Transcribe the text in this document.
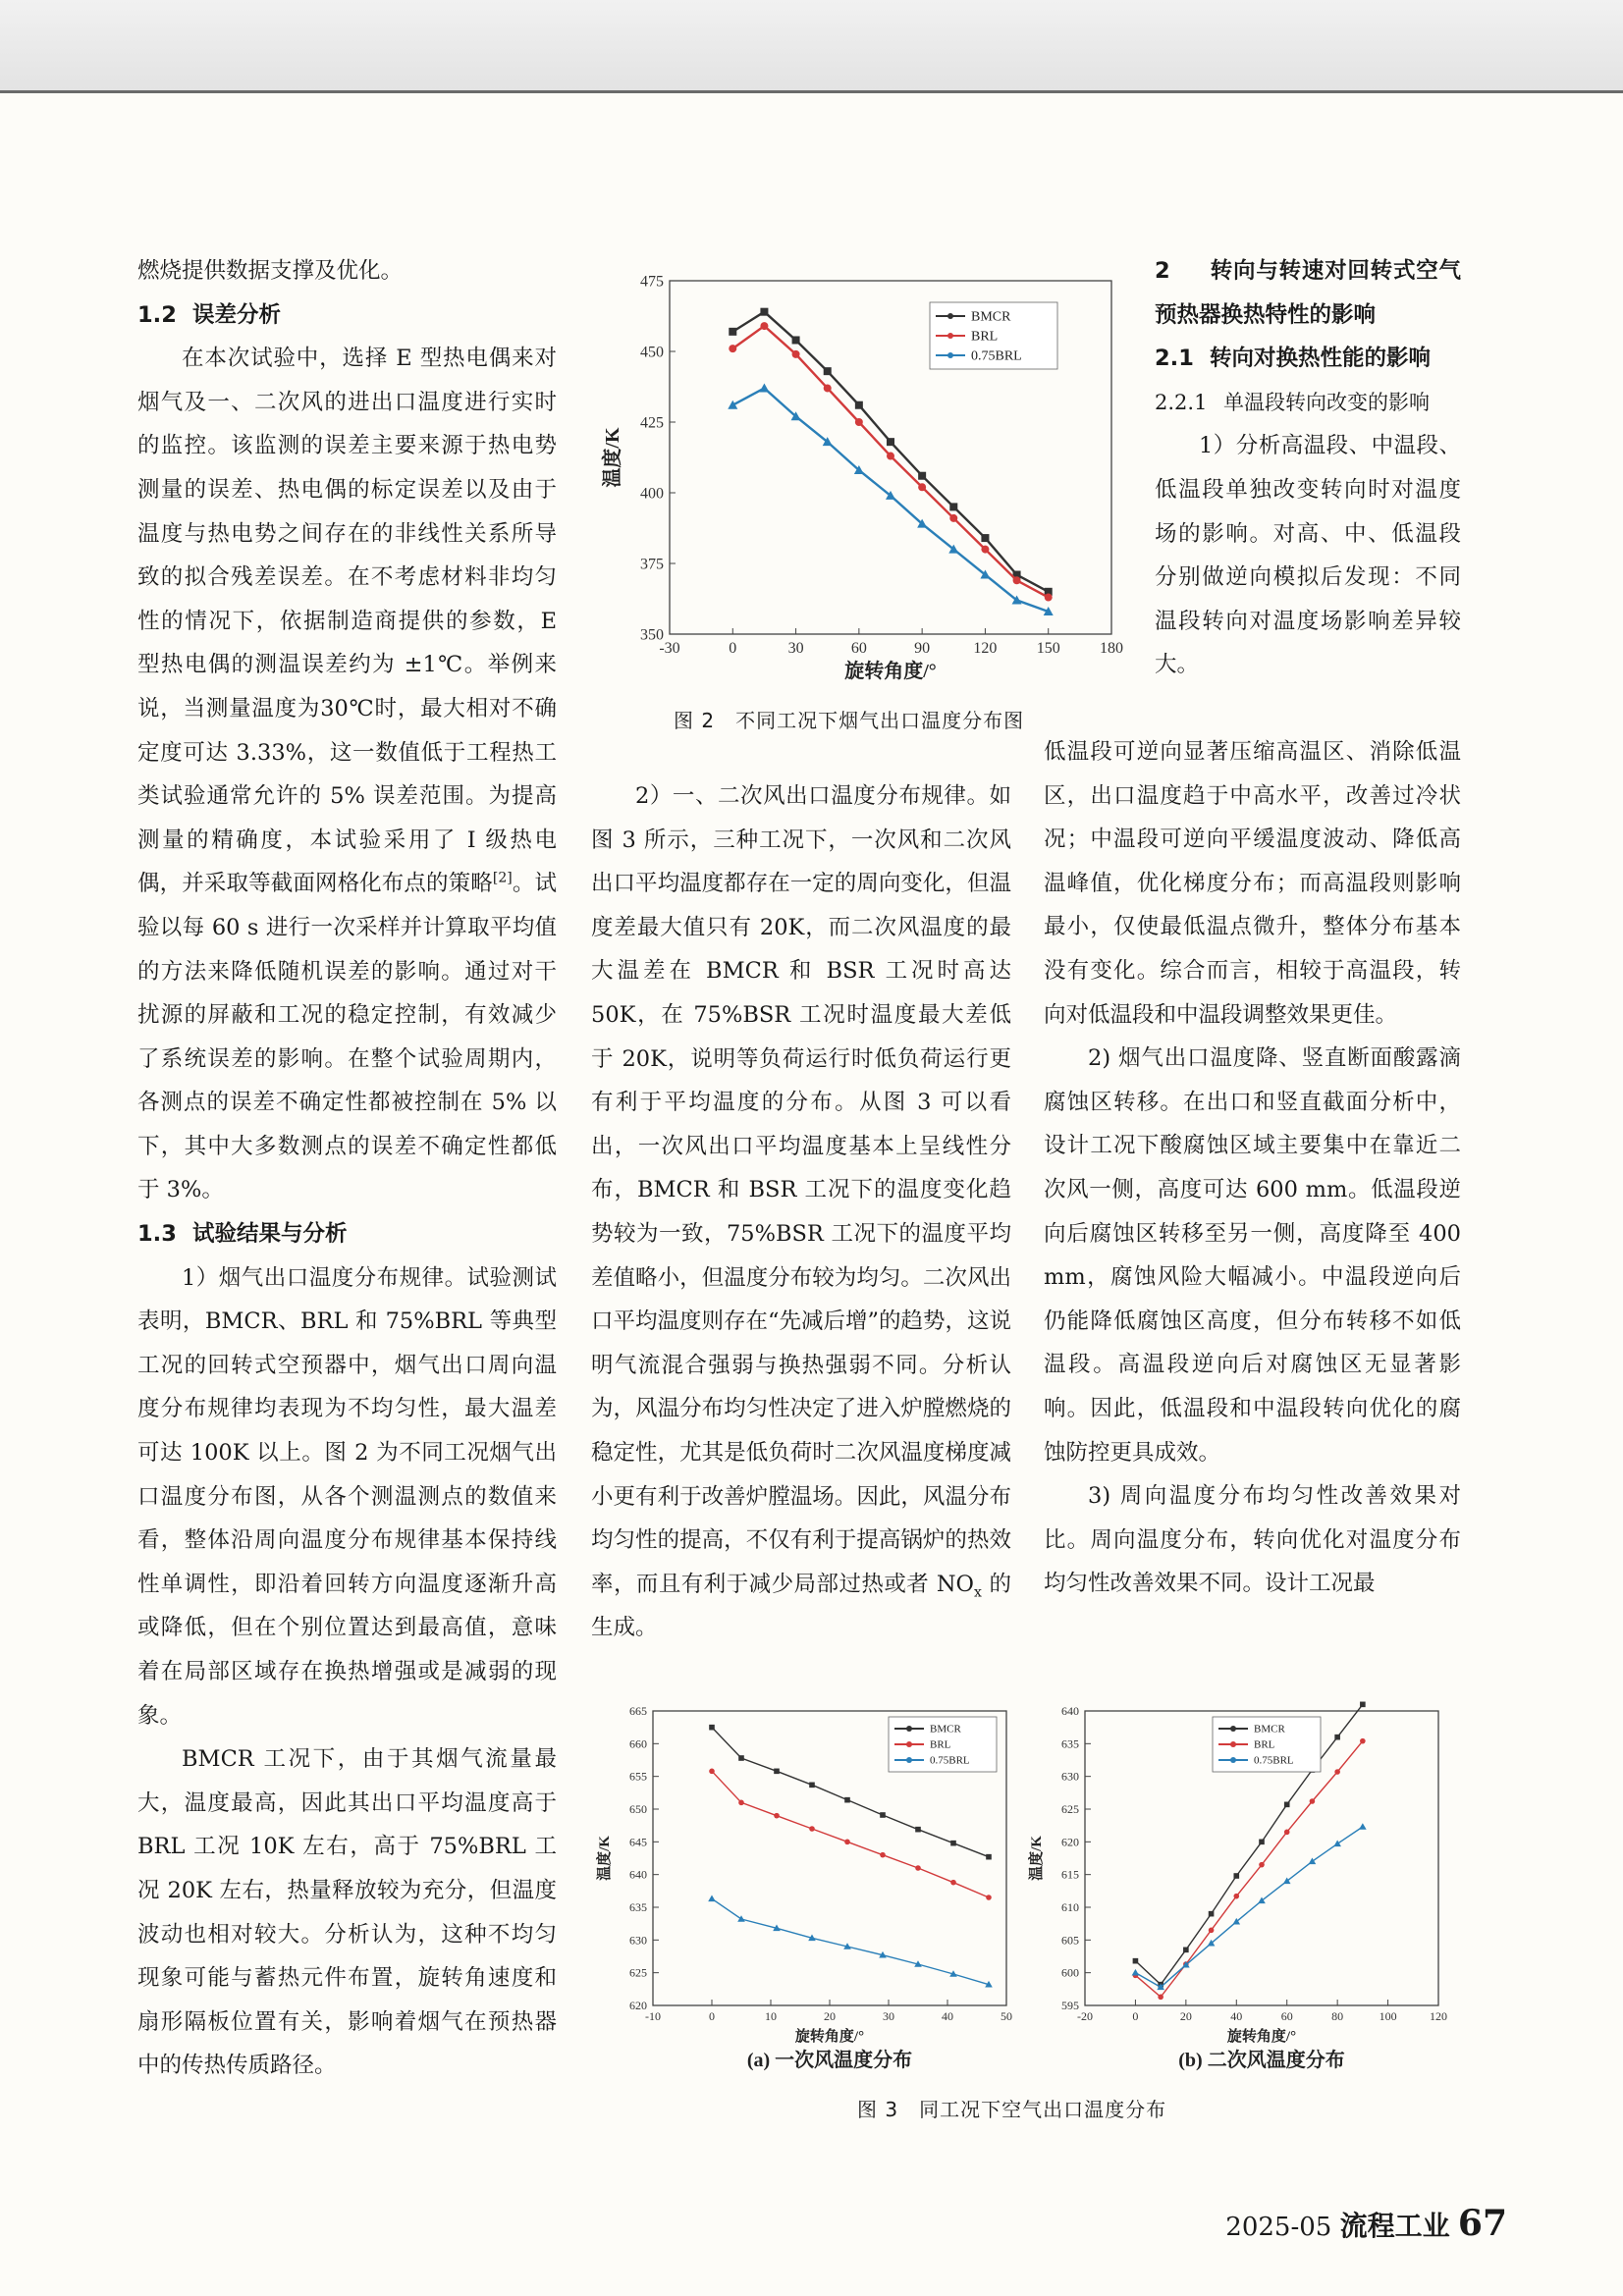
燃烧提供数据支撑及优化。

1.2 误差分析

在本次试验中，选择 E 型热电偶来对烟气及一、二次风的进出口温度进行实时的监控。该监测的误差主要来源于热电势测量的误差、热电偶的标定误差以及由于温度与热电势之间存在的非线性关系所导致的拟合残差误差。在不考虑材料非均匀性的情况下，依据制造商提供的参数，E 型热电偶的测温误差约为 ±1℃。举例来说，当测量温度为30℃时，最大相对不确定度可达 3.33%，这一数值低于工程热工类试验通常允许的 5% 误差范围。为提高测量的精确度，本试验采用了 I 级热电偶，并采取等截面网格化布点的策略[2]。试验以每 60 s 进行一次采样并计算取平均值的方法来降低随机误差的影响。通过对干扰源的屏蔽和工况的稳定控制，有效减少了系统误差的影响。在整个试验周期内，各测点的误差不确定性都被控制在 5% 以下，其中大多数测点的误差不确定性都低于 3%。

1.3 试验结果与分析

1）烟气出口温度分布规律。试验测试表明，BMCR、BRL 和 75%BRL 等典型工况的回转式空预器中，烟气出口周向温度分布规律均表现为不均匀性，最大温差可达 100K 以上。图 2 为不同工况烟气出口温度分布图，从各个测温测点的数值来看，整体沿周向温度分布规律基本保持线性单调性，即沿着回转方向温度逐渐升高或降低，但在个别位置达到最高值，意味着在局部区域存在换热增强或是减弱的现象。

BMCR 工况下，由于其烟气流量最大，温度最高，因此其出口平均温度高于 BRL 工况 10K 左右，高于 75%BRL 工况 20K 左右，热量释放较为充分，但温度波动也相对较大。分析认为，这种不均匀现象可能与蓄热元件布置，旋转角速度和扇形隔板位置有关，影响着烟气在预热器中的传热传质路径。

-30	0	30	60	90	120	150	180
350
375
400
425
450
475
旋转角度/°
温度/K
BMCR
BRL
0.75BRL
图 2　不同工况下烟气出口温度分布图

2）一、二次风出口温度分布规律。如图 3 所示，三种工况下，一次风和二次风出口平均温度都存在一定的周向变化，但温度差最大值只有 20K，而二次风温度的最大温差在 BMCR 和 BSR 工况时高达 50K，在 75%BSR 工况时温度最大差低于 20K，说明等负荷运行时低负荷运行更有利于平均温度的分布。从图 3 可以看出，一次风出口平均温度基本上呈线性分布，BMCR 和 BSR 工况下的温度变化趋势较为一致，75%BSR 工况下的温度平均差值略小，但温度分布较为均匀。二次风出口平均温度则存在“先减后增”的趋势，这说明气流混合强弱与换热强弱不同。分析认为，风温分布均匀性决定了进入炉膛燃烧的稳定性，尤其是低负荷时二次风温度梯度减小更有利于改善炉膛温场。因此，风温分布均匀性的提高，不仅有利于提高锅炉的热效率，而且有利于减少局部过热或者 $NO_x$ 的生成。

2 转向与转速对回转式空气预热器换热特性的影响

2.1 转向对换热性能的影响

2.2.1 单温段转向改变的影响

1）分析高温段、中温段、低温段单独改变转向时对温度场的影响。对高、中、低温段分别做逆向模拟后发现：不同温段转向对温度场影响差异较大。

低温段可逆向显著压缩高温区、消除低温区，出口温度趋于中高水平，改善过冷状况；中温段可逆向平缓温度波动、降低高温峰值，优化梯度分布；而高温段则影响最小，仅使最低温点微升，整体分布基本没有变化。综合而言，相较于高温段，转向对低温段和中温段调整效果更佳。

2) 烟气出口温度降、竖直断面酸露滴腐蚀区转移。在出口和竖直截面分析中，设计工况下酸腐蚀区域主要集中在靠近二次风一侧，高度可达 600 mm。低温段逆向后腐蚀区转移至另一侧，高度降至 400 mm，腐蚀风险大幅减小。中温段逆向后仍能降低腐蚀区高度，但分布转移不如低温段。高温段逆向后对腐蚀区无显著影响。因此，低温段和中温段转向优化的腐蚀防控更具成效。

3) 周向温度分布均匀性改善效果对比。周向温度分布，转向优化对温度分布均匀性改善效果不同。设计工况最

-10	0	10	20	30	40	50
620
625
630
635
640
645
650
655
660
665
旋转角度/°
温度/K
BMCR
BRL
0.75BRL
(a) 一次风温度分布
-20	0	20	40	60	80	100	120
595
600
605
610
615
620
625
630
635
640
旋转角度/°
温度/K
BMCR
BRL
0.75BRL
(b) 二次风温度分布
图 3　同工况下空气出口温度分布
2025-05 流程工业 67
